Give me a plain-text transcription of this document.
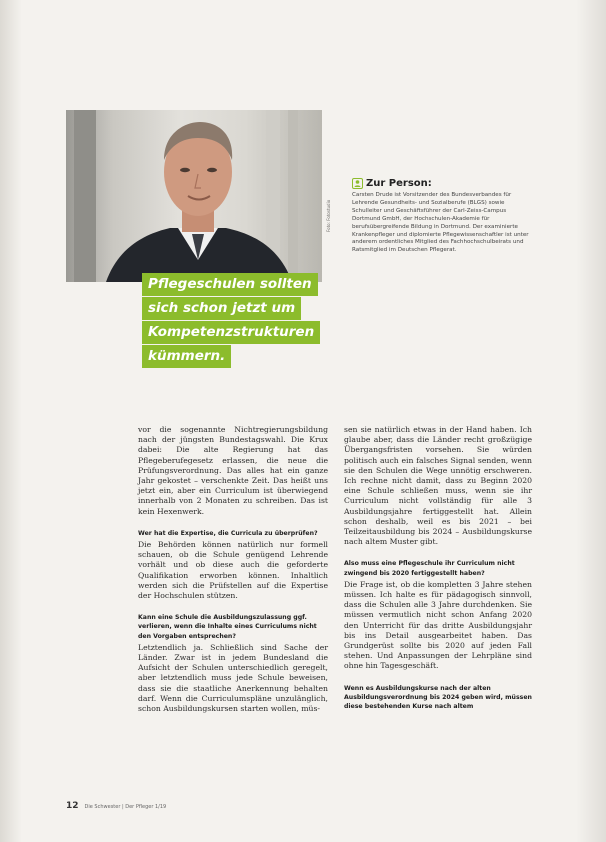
Foto: Fotostudio
Pflegeschulen sollten
sich schon jetzt um
Kompetenzstrukturen
kümmern.
Zur Person:
Carsten Drude ist Vorsitzender des Bundesverbandes für Lehrende Gesundheits- und Sozialberufe (BLGS) sowie Schulleiter und Geschäftsführer der Carl-Zeiss-Campus Dortmund GmbH, der Hochschulen-Akademie für berufsübergreifende Bildung in Dortmund. Der examinierte Krankenpfleger und diplomierte Pflegewissenschaftler ist unter anderem ordentliches Mitglied des Fachhochschulbeirats und Ratsmitglied im Deutschen Pflegerat.

vor die sogenannte Nichtregierungsbildung nach der jüngsten Bundestagswahl. Die Krux dabei: Die alte Regierung hat das Pflegeberufegesetz erlassen, die neue die Prüfungsverordnung. Das alles hat ein ganze Jahr gekostet – verschenkte Zeit. Das heißt uns jetzt ein, aber ein Curriculum ist überwiegend innerhalb von 2 Monaten zu schreiben. Das ist kein Hexenwerk.

Wer hat die Expertise, die Curricula zu überprüfen?

Die Behörden können natürlich nur formell schauen, ob die Schule genügend Lehrende vorhält und ob diese auch die geforderte Qualifikation erworben können. Inhaltlich werden sich die Prüfstellen auf die Expertise der Hochschulen stützen.

Kann eine Schule die Ausbildungszulassung ggf. verlieren, wenn die Inhalte eines Curriculums nicht den Vorgaben entsprechen?

Letztendlich ja. Schließlich sind Sache der Länder. Zwar ist in jedem Bundesland die Aufsicht der Schulen unterschiedlich geregelt, aber letztendlich muss jede Schule beweisen, dass sie die staatliche Anerkennung behalten darf. Wenn die Curriculumspläne unzulänglich, schon Ausbildungskursen starten wollen, müs-

sen sie natürlich etwas in der Hand haben. Ich glaube aber, dass die Länder recht großzügige Übergangsfristen vorsehen. Sie würden politisch auch ein falsches Signal senden, wenn sie den Schulen die Wege unnötig erschweren. Ich rechne nicht damit, dass zu Beginn 2020 eine Schule schließen muss, wenn sie ihr Curriculum nicht vollständig für alle 3 Ausbildungsjahre fertiggestellt hat. Allein schon deshalb, weil es bis 2021 – bei Teilzeitausbildung bis 2024 – Ausbildungskurse nach altem Muster gibt.

Also muss eine Pflegeschule ihr Curriculum nicht zwingend bis 2020 fertiggestellt haben?

Die Frage ist, ob die kompletten 3 Jahre stehen müssen. Ich halte es für pädagogisch sinnvoll, dass die Schulen alle 3 Jahre durchdenken. Sie müssen vermutlich nicht schon Anfang 2020 den Unterricht für das dritte Ausbildungsjahr bis ins Detail ausgearbeitet haben. Das Grundgerüst sollte bis 2020 auf jeden Fall stehen. Und Anpassungen der Lehrpläne sind ohne hin Tagesgeschäft.

Wenn es Ausbildungskurse nach der alten Ausbildungsverordnung bis 2024 geben wird, müssen diese bestehenden Kurse nach altem
12 Die Schwester | Der Pfleger 1/19
